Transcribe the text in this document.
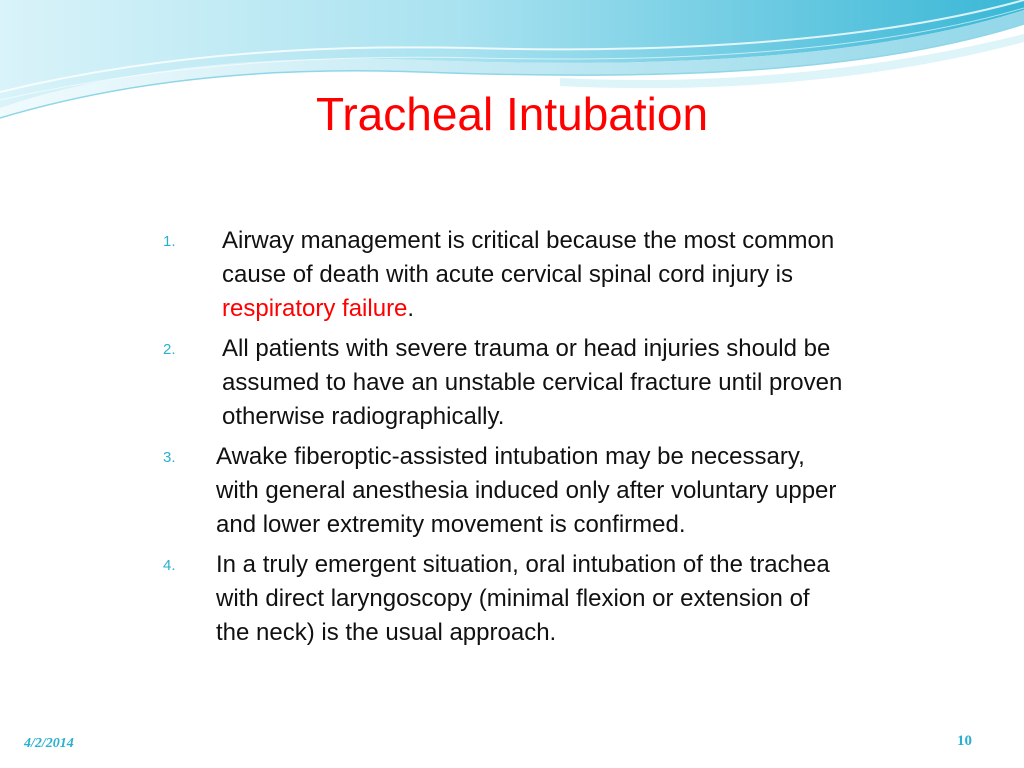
Tracheal Intubation
1. Airway management is critical because the most common
cause of death with acute cervical spinal cord injury is
respiratory failure.
2. All patients with severe trauma or head injuries should be
assumed to have an unstable cervical fracture until proven
otherwise radiographically.
3. Awake fiberoptic-assisted intubation may be necessary,
with general anesthesia induced only after voluntary upper
and lower extremity movement is confirmed.
4. In a truly emergent situation, oral intubation of the trachea
with direct laryngoscopy (minimal flexion or extension of
the neck) is the usual approach.
4/2/2014	10
